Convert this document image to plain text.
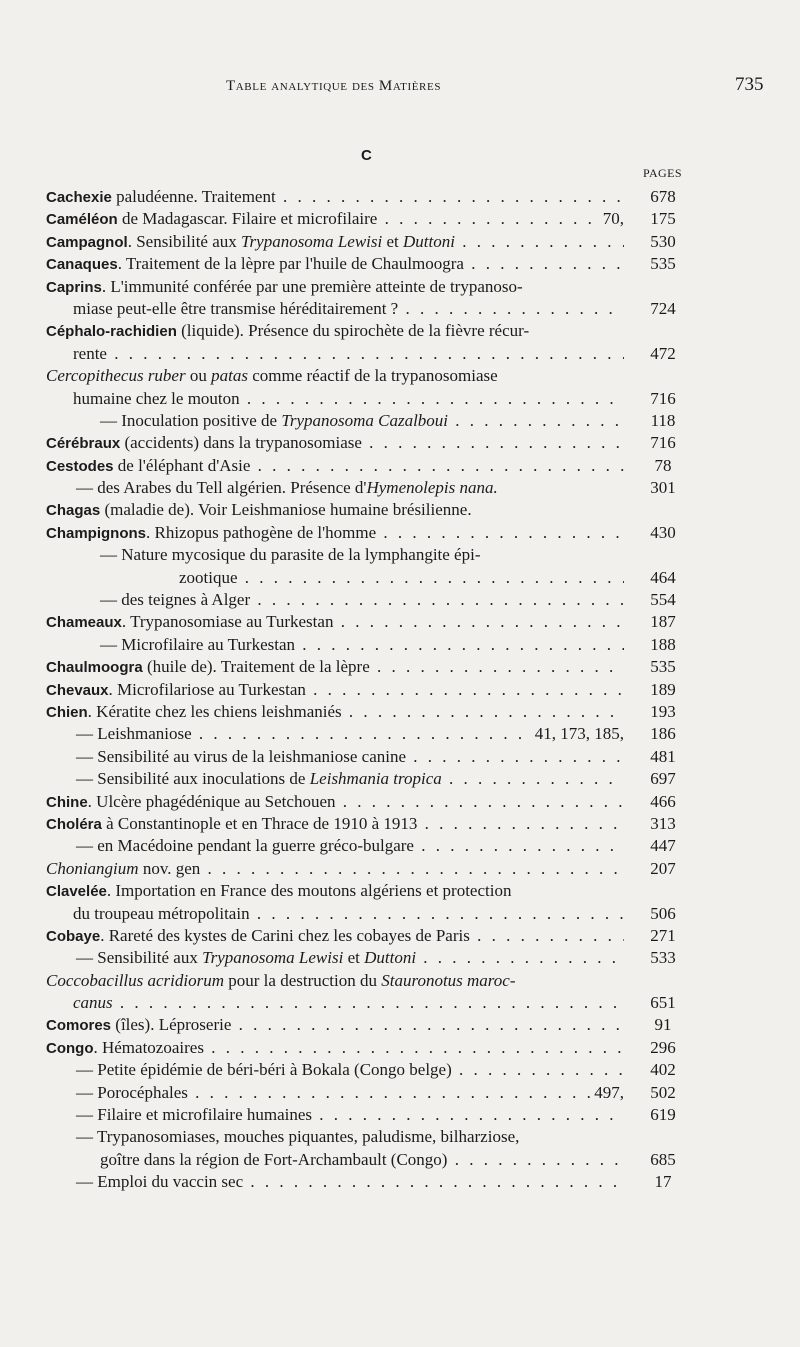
Table analytique des Matières	735
C
PAGES
Cachexie paludéenne. Traitement . . .	678
Caméléon de Madagascar. Filaire et microfilaire . . .	70,	175
Campagnol. Sensibilité aux Trypanosoma Lewisi et Duttoni . . .	530
Canaques. Traitement de la lèpre par l'huile de Chaulmoogra . . .	535
Caprins. L'immunité conférée par une première atteinte de trypanoso-
miase peut-elle être transmise héréditairement ? . . .	724
Céphalo-rachidien (liquide). Présence du spirochète de la fièvre récur-
rente . . .	472
Cercopithecus ruber ou patas comme réactif de la trypanosomiase
humaine chez le mouton . . .	716
— Inoculation positive de Trypanosoma Cazalboui . . .	118
Cérébraux (accidents) dans la trypanosomiase . . .	716
Cestodes de l'éléphant d'Asie . . .	78
— des Arabes du Tell algérien. Présence d'Hymenolepis nana.	301
Chagas (maladie de). Voir Leishmaniose humaine brésilienne.
Champignons. Rhizopus pathogène de l'homme . . .	430
— Nature mycosique du parasite de la lymphangite épi-
zootique . . .	464
— des teignes à Alger . . .	554
Chameaux. Trypanosomiase au Turkestan . . .	187
— Microfilaire au Turkestan . . .	188
Chaulmoogra (huile de). Traitement de la lèpre . . .	535
Chevaux. Microfilariose au Turkestan . . .	189
Chien. Kératite chez les chiens leishmaniés . . .	193
— Leishmaniose . . .	41, 173, 185,	186
— Sensibilité au virus de la leishmaniose canine . . .	481
— Sensibilité aux inoculations de Leishmania tropica . . .	697
Chine. Ulcère phagédénique au Setchouen . . .	466
Choléra à Constantinople et en Thrace de 1910 à 1913 . . .	313
— en Macédoine pendant la guerre gréco-bulgare . . .	447
Choniangium nov. gen . . .	207
Clavelée. Importation en France des moutons algériens et protection
du troupeau métropolitain . . .	506
Cobaye. Rareté des kystes de Carini chez les cobayes de Paris . . .	271
— Sensibilité aux Trypanosoma Lewisi et Duttoni . . .	533
Coccobacillus acridiorum pour la destruction du Stauronotus maroc-
canus . . .	651
Comores (îles). Léproserie . . .	91
Congo. Hématozoaires . . .	296
— Petite épidémie de béri-béri à Bokala (Congo belge) . . .	402
— Porocéphales . . .	497,	502
— Filaire et microfilaire humaines . . .	619
— Trypanosomiases, mouches piquantes, paludisme, bilharziose,
goître dans la région de Fort-Archambault (Congo) . . .	685
— Emploi du vaccin sec . . .	17
